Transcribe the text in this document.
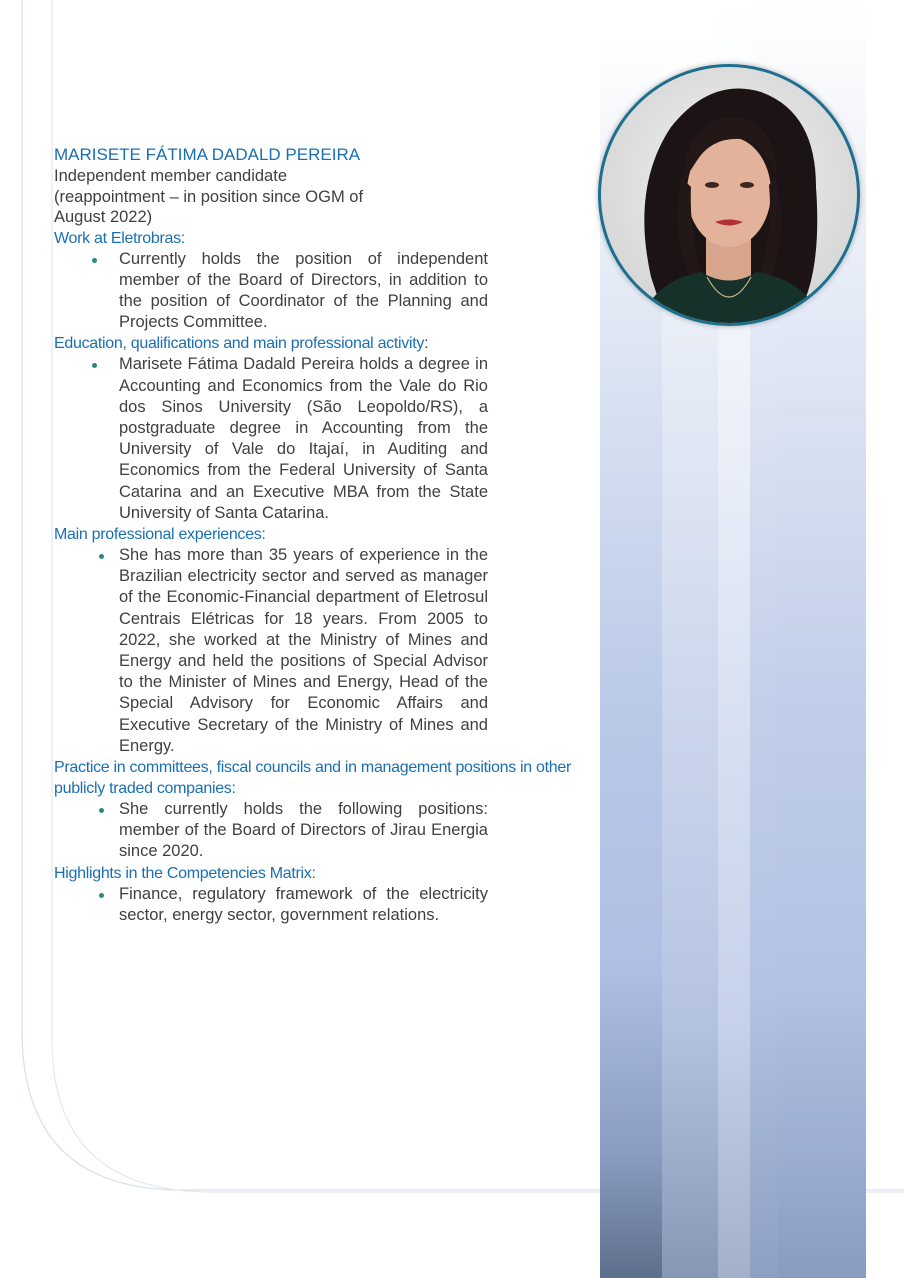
MARISETE FÁTIMA DADALD PEREIRA
Independent member candidate (reappointment – in position since OGM of August 2022)
Work at Eletrobras:
Currently holds the position of independent member of the Board of Directors, in addition to the position of Coordinator of the Planning and Projects Committee.
Education, qualifications and main professional activity:
Marisete Fátima Dadald Pereira holds a degree in Accounting and Economics from the Vale do Rio dos Sinos University (São Leopoldo/RS), a postgraduate degree in Accounting from the University of Vale do Itajaí, in Auditing and Economics from the Federal University of Santa Catarina and an Executive MBA from the State University of Santa Catarina.
Main professional experiences:
She has more than 35 years of experience in the Brazilian electricity sector and served as manager of the Economic-Financial department of Eletrosul Centrais Elétricas for 18 years. From 2005 to 2022, she worked at the Ministry of Mines and Energy and held the positions of Special Advisor to the Minister of Mines and Energy, Head of the Special Advisory for Economic Affairs and Executive Secretary of the Ministry of Mines and Energy.
Practice in committees, fiscal councils and in management positions in other publicly traded companies:
She currently holds the following positions: member of the Board of Directors of Jirau Energia since 2020.
Highlights in the Competencies Matrix:
Finance, regulatory framework of the electricity sector, energy sector, government relations.
